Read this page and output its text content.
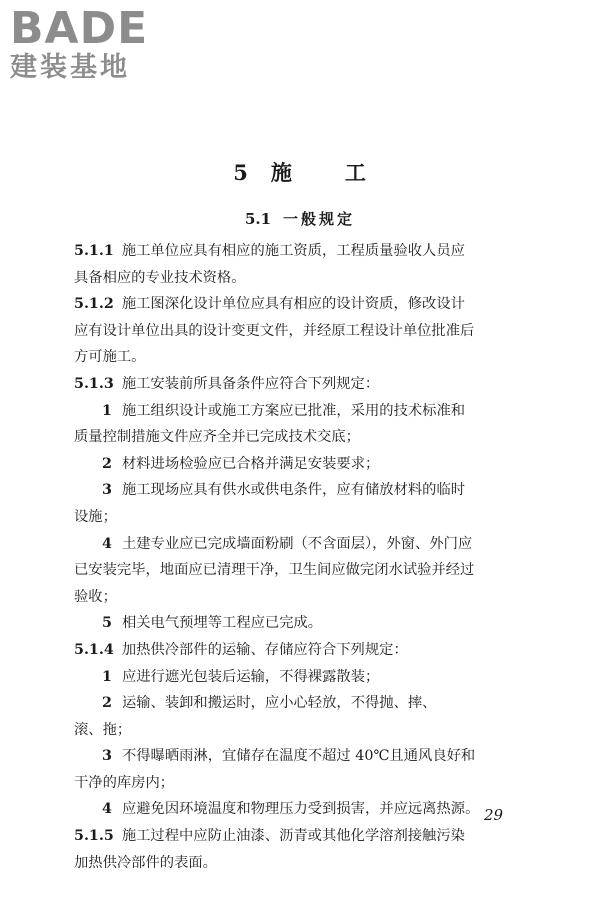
BADE
建装基地
5 施 工
5.1 一般规定
5.1.1 施工单位应具有相应的施工资质，工程质量验收人员应
具备相应的专业技术资格。
5.1.2 施工图深化设计单位应具有相应的设计资质，修改设计
应有设计单位出具的设计变更文件，并经原工程设计单位批准后
方可施工。
5.1.3 施工安装前所具备条件应符合下列规定：
1 施工组织设计或施工方案应已批准，采用的技术标准和
质量控制措施文件应齐全并已完成技术交底；
2 材料进场检验应已合格并满足安装要求；
3 施工现场应具有供水或供电条件，应有储放材料的临时
设施；
4 土建专业应已完成墙面粉刷（不含面层），外窗、外门应
已安装完毕，地面应已清理干净，卫生间应做完闭水试验并经过
验收；
5 相关电气预埋等工程应已完成。
5.1.4 加热供冷部件的运输、存储应符合下列规定：
1 应进行遮光包装后运输，不得裸露散装；
2 运输、装卸和搬运时，应小心轻放，不得抛、摔、
滚、拖；
3 不得曝晒雨淋，宜储存在温度不超过 40℃且通风良好和
干净的库房内；
4 应避免因环境温度和物理压力受到损害，并应远离热源。
5.1.5 施工过程中应防止油漆、沥青或其他化学溶剂接触污染
加热供冷部件的表面。
29
